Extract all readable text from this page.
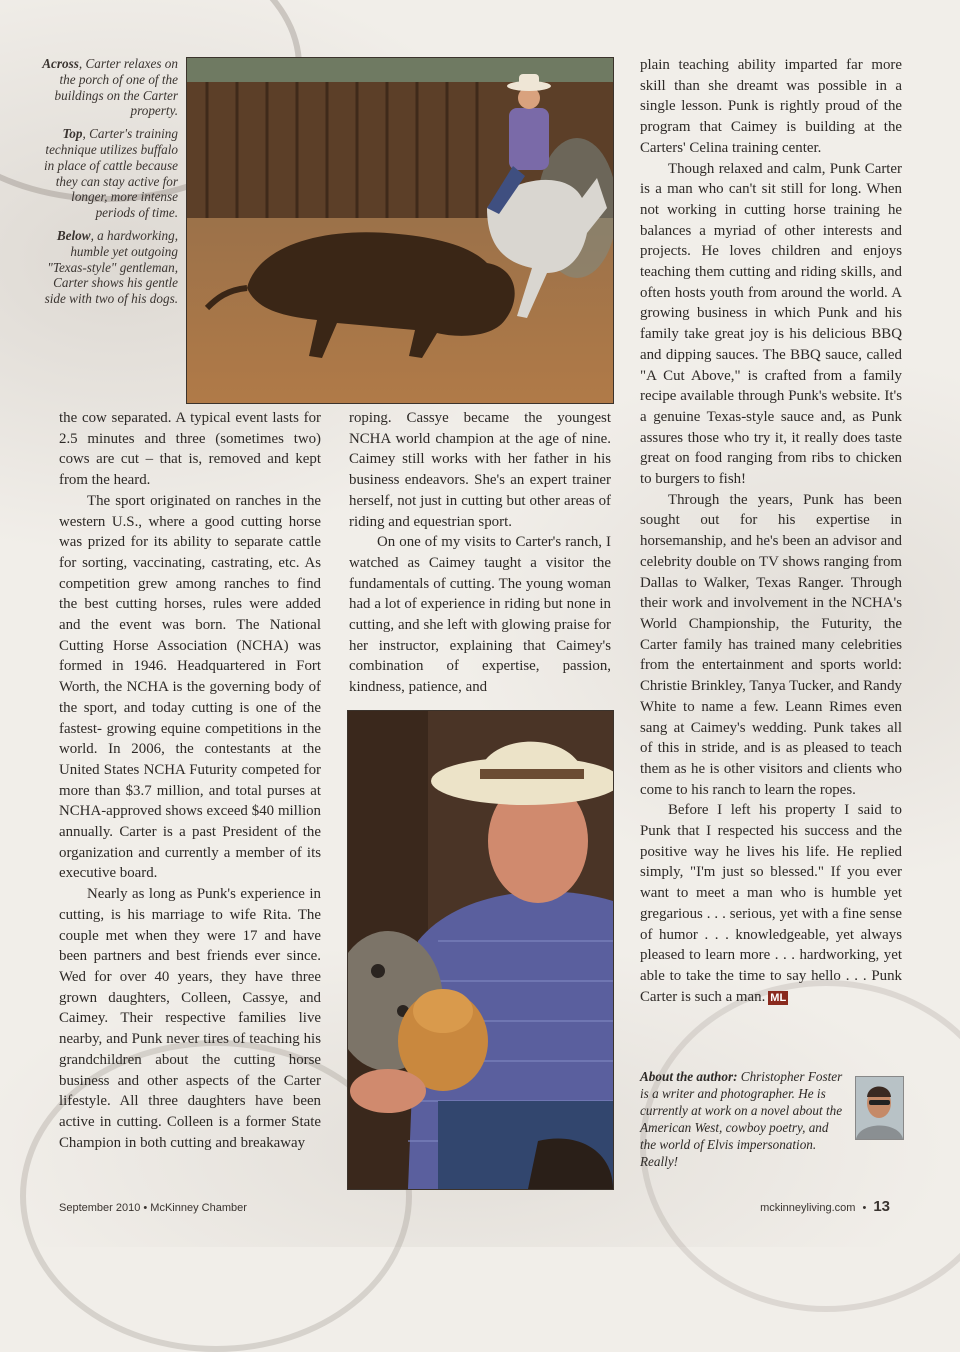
Across, Carter relaxes on the porch of one of the buildings on the Carter property.

Top, Carter's training technique utilizes buffalo in place of cattle because they can stay active for longer, more intense periods of time.

Below, a hardworking, humble yet outgoing "Texas-style" gentleman, Carter shows his gentle side with two of his dogs.

the cow separated. A typical event lasts for 2.5 minutes and three (sometimes two) cows are cut – that is, removed and kept from the heard.

The sport originated on ranches in the western U.S., where a good cutting horse was prized for its ability to separate cattle for sorting, vaccinating, castrating, etc. As competition grew among ranches to find the best cutting horses, rules were added and the event was born. The National Cutting Horse Association (NCHA) was formed in 1946. Headquartered in Fort Worth, the NCHA is the governing body of the sport, and today cutting is one of the fastest- growing equine competitions in the world. In 2006, the contestants at the United States NCHA Futurity competed for more than $3.7 million, and total purses at NCHA-approved shows exceed $40 million annually. Carter is a past President of the organization and currently a member of its executive board.

Nearly as long as Punk's experience in cutting, is his marriage to wife Rita. The couple met when they were 17 and have been partners and best friends ever since. Wed for over 40 years, they have three grown daughters, Colleen, Cassye, and Caimey. Their respective families live nearby, and Punk never tires of teaching his grandchildren about the cutting horse business and other aspects of the Carter lifestyle. All three daughters have been active in cutting. Colleen is a former State Champion in both cutting and breakaway

roping. Cassye became the youngest NCHA world champion at the age of nine. Caimey still works with her father in his business endeavors. She's an expert trainer herself, not just in cutting but other areas of riding and equestrian sport.

On one of my visits to Carter's ranch, I watched as Caimey taught a visitor the fundamentals of cutting. The young woman had a lot of experience in riding but none in cutting, and she left with glowing praise for her instructor, explaining that Caimey's combination of expertise, passion, kindness, patience, and

plain teaching ability imparted far more skill than she dreamt was possible in a single lesson. Punk is rightly proud of the program that Caimey is building at the Carters' Celina training center.

Though relaxed and calm, Punk Carter is a man who can't sit still for long. When not working in cutting horse training he balances a myriad of other interests and projects. He loves children and enjoys teaching them cutting and riding skills, and often hosts youth from around the world. A growing business in which Punk and his family take great joy is his delicious BBQ and dipping sauces. The BBQ sauce, called "A Cut Above," is crafted from a family recipe available through Punk's website. It's a genuine Texas-style sauce and, as Punk assures those who try it, it really does taste great on food ranging from ribs to chicken to burgers to fish!

Through the years, Punk has been sought out for his expertise in horsemanship, and he's been an advisor and celebrity double on TV shows ranging from Dallas to Walker, Texas Ranger. Through their work and involvement in the NCHA's World Championship, the Futurity, the Carter family has trained many celebrities from the entertainment and sports world: Christie Brinkley, Tanya Tucker, and Randy White to name a few. Leann Rimes even sang at Caimey's wedding. Punk takes all of this in stride, and is as pleased to teach them as he is other visitors and clients who come to his ranch to learn the ropes.

Before I left his property I said to Punk that I respected his success and the positive way he lives his life. He replied simply, "I'm just so blessed." If you ever want to meet a man who is humble yet gregarious . . . serious, yet with a fine sense of humor . . . knowledgeable, yet always pleased to learn more . . . hardworking, yet able to take the time to say hello . . . Punk Carter is such a man. ML

About the author: Christopher Foster is a writer and photographer. He is currently at work on a novel about the American West, cowboy poetry, and the world of Elvis impersonation. Really!
September 2010 • McKinney Chamber	mckinneyliving.com • 13
